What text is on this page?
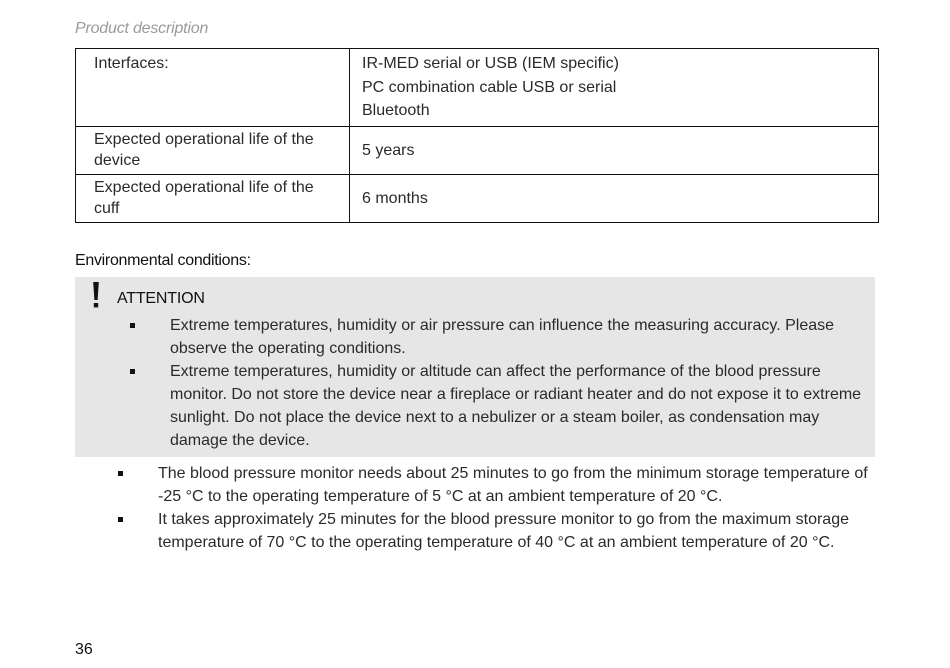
Product description
Interfaces:	IR-MED serial or USB (IEM specific)
PC combination cable USB or serial
Bluetooth

Expected operational life of the device	5 years
Expected operational life of the cuff	6 months
Environmental conditions:
ATTENTION
Extreme temperatures, humidity or air pressure can influence the measuring accuracy. Please observe the operating conditions.
Extreme temperatures, humidity or altitude can affect the performance of the blood pressure monitor. Do not store the device near a fireplace or radiant heater and do not expose it to extreme sunlight. Do not place the device next to a nebulizer or a steam boiler, as condensation may damage the device.
The blood pressure monitor needs about 25 minutes to go from the minimum storage temperature of -25 °C to the operating temperature of 5 °C at an ambient temperature of 20 °C.
It takes approximately 25 minutes for the blood pressure monitor to go from the maximum storage temperature of 70 °C to the operating temperature of 40 °C at an ambient temperature of 20 °C.
36
